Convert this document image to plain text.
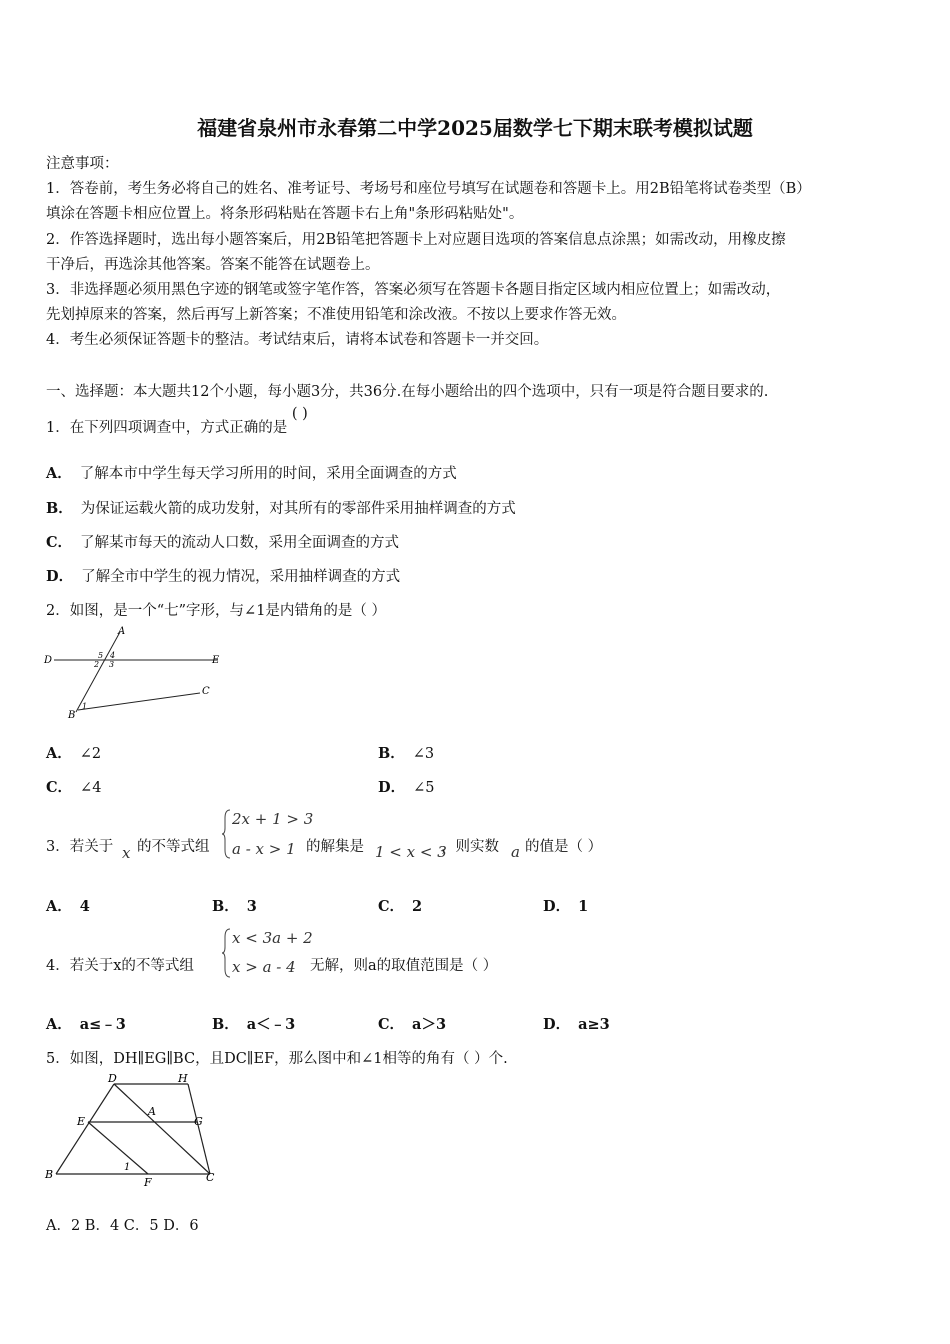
福建省泉州市永春第二中学2025届数学七下期末联考模拟试题
注意事项：
1．答卷前，考生务必将自己的姓名、准考证号、考场号和座位号填写在试题卷和答题卡上。用2B铅笔将试卷类型（B）
填涂在答题卡相应位置上。将条形码粘贴在答题卡右上角"条形码粘贴处"。
2．作答选择题时，选出每小题答案后，用2B铅笔把答题卡上对应题目选项的答案信息点涂黑；如需改动，用橡皮擦
干净后，再选涂其他答案。答案不能答在试题卷上。
3．非选择题必须用黑色字迹的钢笔或签字笔作答，答案必须写在答题卡各题目指定区域内相应位置上；如需改动，
先划掉原来的答案，然后再写上新答案；不准使用铅笔和涂改液。不按以上要求作答无效。
4．考生必须保证答题卡的整洁。考试结束后，请将本试卷和答题卡一并交回。
一、选择题：本大题共12个小题，每小题3分，共36分.在每小题给出的四个选项中，只有一项是符合题目要求的.
1．在下列四项调查中，方式正确的是 ( )
A． 了解本市中学生每天学习所用的时间，采用全面调查的方式
B． 为保证运载火箭的成功发射，对其所有的零部件采用抽样调查的方式
C． 了解某市每天的流动人口数，采用全面调查的方式
D． 了解全市中学生的视力情况，采用抽样调查的方式
2．如图，是一个“七”字形，与∠1是内错角的是（ ）
A
D	E
C
B
5 4
2 3
1
A． ∠2	B． ∠3
C． ∠4	D． ∠5
3．若关于 x 的不等式组
2x + 1 > 3
a - x > 1 的解集是 1 < x < 3
，则实数 a 的值是（ ）
A． 4	B． 3	C． 2	D． 1
4．若关于x的不等式组
x < 3a + 2
x > a - 4 无解，则a的取值范围是（ ）
A． a≤﹣3	B． a＜﹣3	C． a＞3	D． a≥3
5．如图，DH∥EG∥BC，且DC∥EF，那么图中和∠1相等的角有（ ）个.
D	H
E
A
G
B
F	C
1
A．2 B．4 C．5 D．6
